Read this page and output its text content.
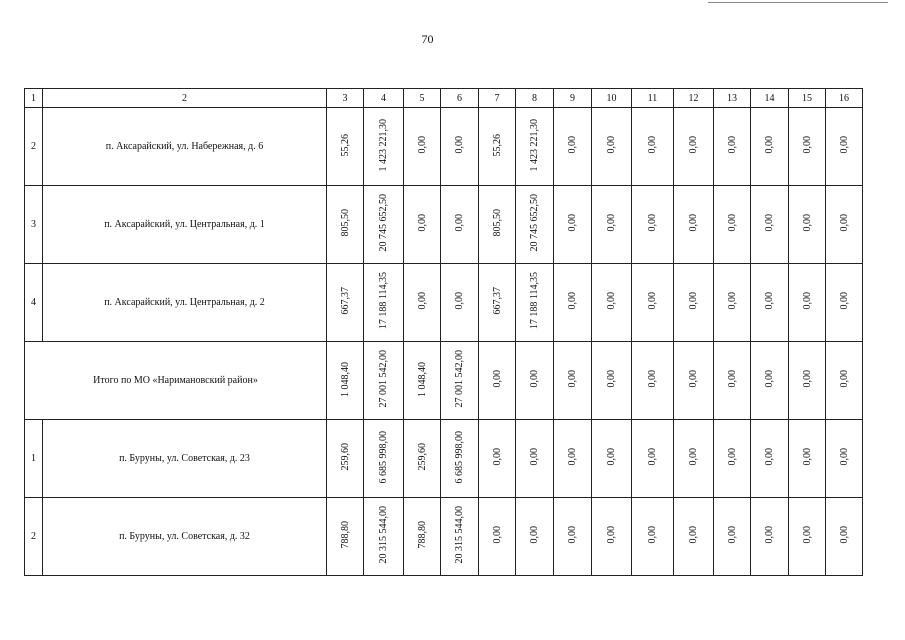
70
1	2	3	4	5	6	7	8	9	10	11	12	13	14	15	16
2	п. Аксарайский, ул. Набережная, д. 6	55,26	1 423 221,30	0,00	0,00	55,26	1 423 221,30	0,00	0,00	0,00	0,00	0,00	0,00	0,00	0,00
3	п. Аксарайский, ул. Центральная, д. 1	805,50	20 745 652,50	0,00	0,00	805,50	20 745 652,50	0,00	0,00	0,00	0,00	0,00	0,00	0,00	0,00
4	п. Аксарайский, ул. Центральная, д. 2	667,37	17 188 114,35	0,00	0,00	667,37	17 188 114,35	0,00	0,00	0,00	0,00	0,00	0,00	0,00	0,00
Итого по МО «Наримановский район»		1 048,40	27 001 542,00	1 048,40	27 001 542,00	0,00	0,00	0,00	0,00	0,00	0,00	0,00	0,00	0,00	0,00
1	п. Буруны, ул. Советская, д. 23	259,60	6 685 998,00	259,60	6 685 998,00	0,00	0,00	0,00	0,00	0,00	0,00	0,00	0,00	0,00	0,00
2	п. Буруны, ул. Советская, д. 32	788,80	20 315 544,00	788,80	20 315 544,00	0,00	0,00	0,00	0,00	0,00	0,00	0,00	0,00	0,00	0,00
